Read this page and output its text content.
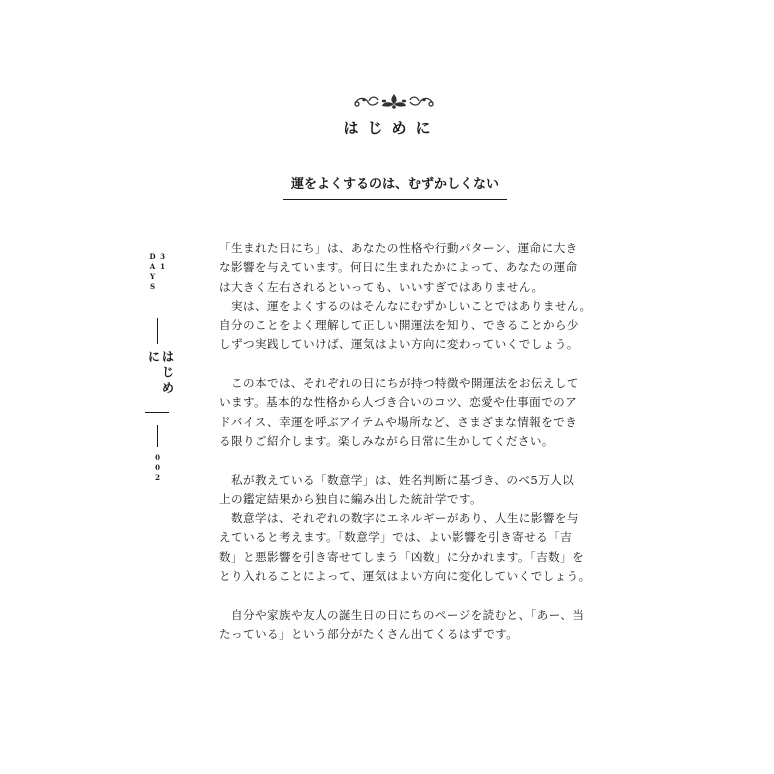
はじめに
運をよくするのは、むずかしくない
31 DAYS
はじめに
002
「生まれた日にち」は、あなたの性格や行動パターン、運命に大き
な影響を与えています。何日に生まれたかによって、あなたの運命
は大きく左右されるといっても、いいすぎではありません。
　実は、運をよくするのはそんなにむずかしいことではありません。
自分のことをよく理解して正しい開運法を知り、できることから少
しずつ実践していけば、運気はよい方向に変わっていくでしょう。
　この本では、それぞれの日にちが持つ特徴や開運法をお伝えして
います。基本的な性格から人づき合いのコツ、恋愛や仕事面でのア
ドバイス、幸運を呼ぶアイテムや場所など、さまざまな情報をでき
る限りご紹介します。楽しみながら日常に生かしてください。
　私が教えている「数意学」は、姓名判断に基づき、のべ5万人以
上の鑑定結果から独自に編み出した統計学です。
　数意学は、それぞれの数字にエネルギーがあり、人生に影響を与
えていると考えます。「数意学」では、よい影響を引き寄せる「吉
数」と悪影響を引き寄せてしまう「凶数」に分かれます。「吉数」を
とり入れることによって、運気はよい方向に変化していくでしょう。
　自分や家族や友人の誕生日の日にちのページを読むと、「あー、当
たっている」という部分がたくさん出てくるはずです。
